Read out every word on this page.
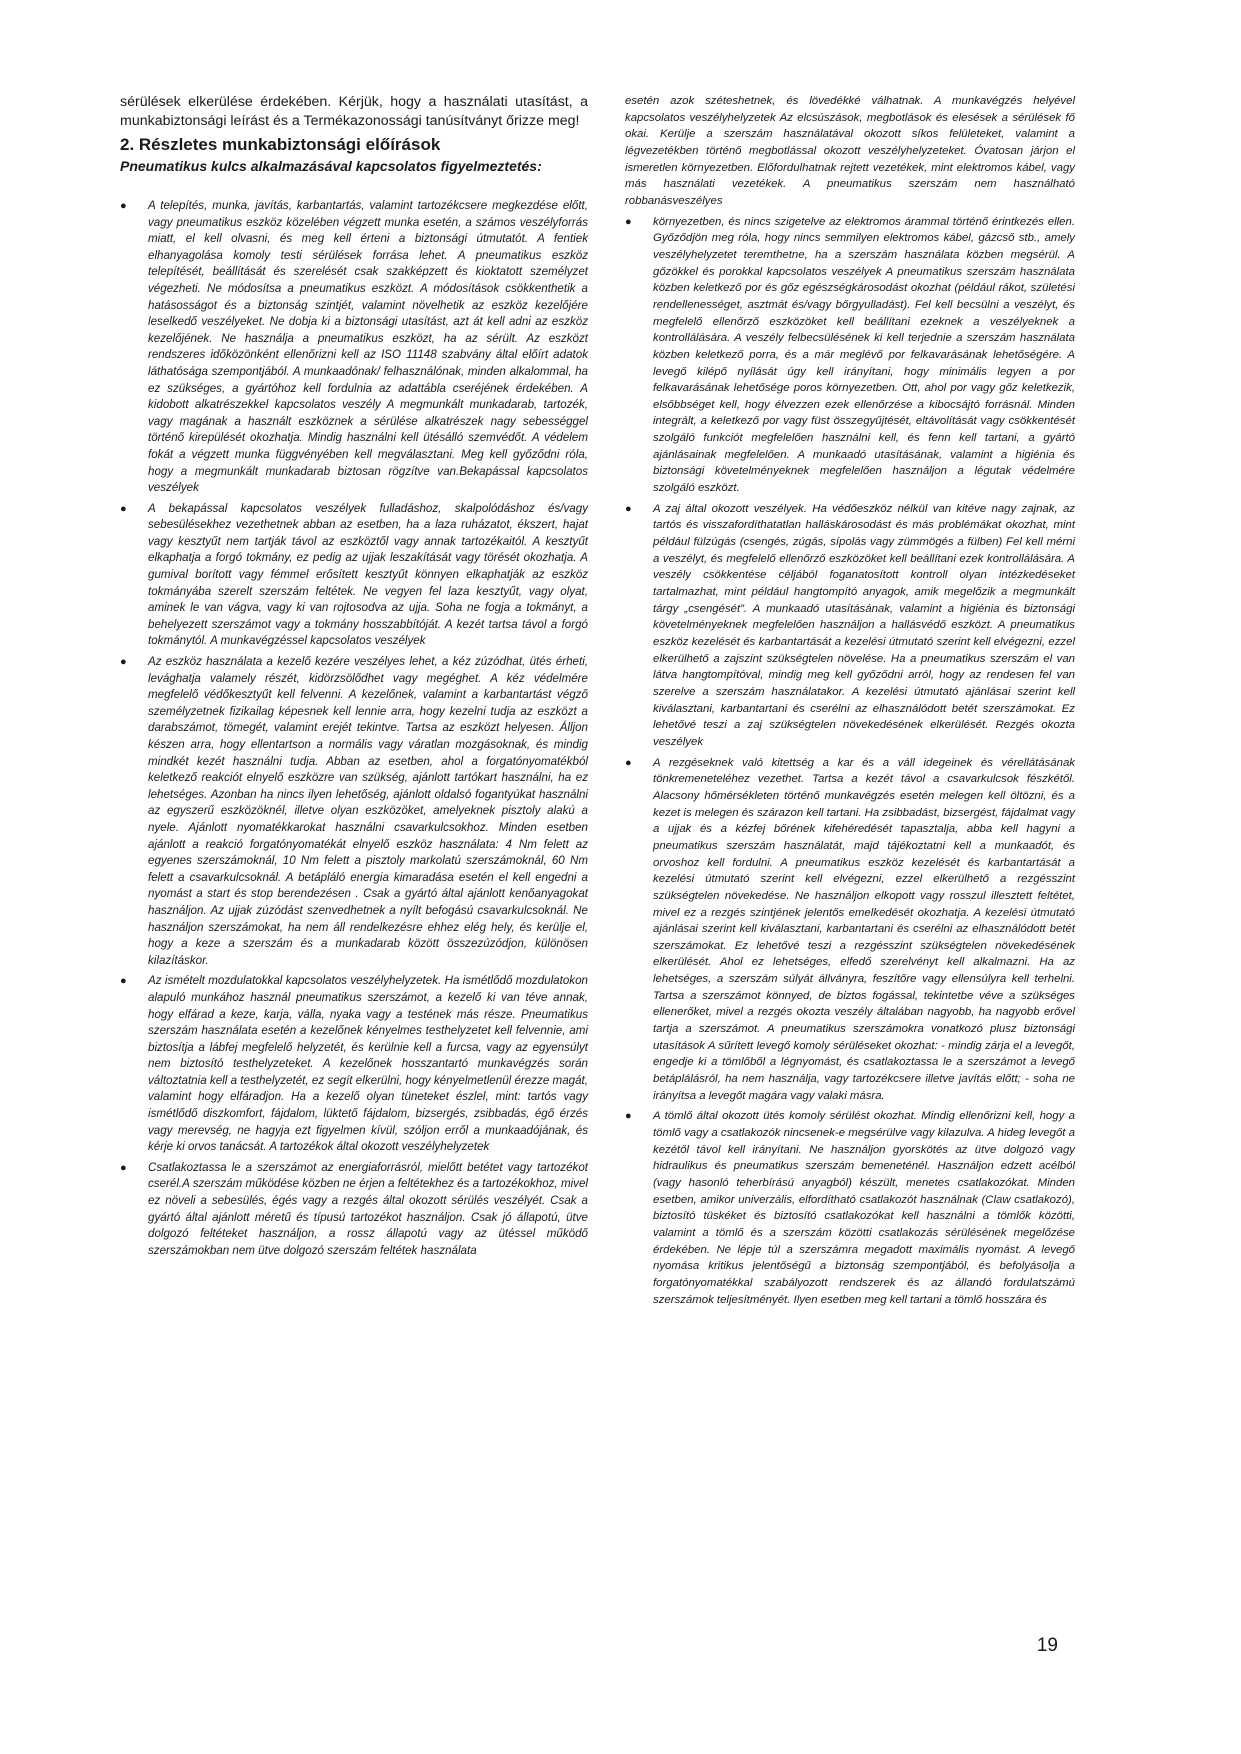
sérülések elkerülése érdekében. Kérjük, hogy a használati utasítást, a munkabiztonsági leírást és a Termékazonossági tanúsítványt őrizze meg!

2. Részletes munkabiztonsági előírások
Pneumatikus kulcs alkalmazásával kapcsolatos figyelmeztetés:
● A telepítés, munka, javítás, karbantartás, valamint tartozékcsere megkezdése előtt, vagy pneumatikus eszköz közelében végzett munka esetén, a számos veszélyforrás miatt, el kell olvasni, és meg kell érteni a biztonsági útmutatót. A fentiek elhanyagolása komoly testi sérülések forrása lehet. A pneumatikus eszköz telepítését, beállítását és szerelését csak szakképzett és kioktatott személyzet végezheti. Ne módosítsa a pneumatikus eszközt. A módosítások csökkenthetik a hatásosságot és a biztonság szintjét, valamint növelhetik az eszköz kezelőjére leselkedő veszélyeket. Ne dobja ki a biztonsági utasítást, azt át kell adni az eszköz kezelőjének. Ne használja a pneumatikus eszközt, ha az sérült. Az eszközt rendszeres időközönként ellenőrizni kell az ISO 11148 szabvány által előírt adatok láthatósága szempontjából. A munkaadónak/ felhasználónak, minden alkalommal, ha ez szükséges, a gyártóhoz kell fordulnia az adattábla cseréjének érdekében. A kidobott alkatrészekkel kapcsolatos veszély A megmunkált munkadarab, tartozék, vagy magának a használt eszköznek a sérülése alkatrészek nagy sebességgel történő kirepülését okozhatja. Mindig használni kell ütésálló szemvédőt. A védelem fokát a végzett munka függvényében kell megválasztani. Meg kell győződni róla, hogy a megmunkált munkadarab biztosan rögzítve van.Bekapással kapcsolatos veszélyek

● A bekapással kapcsolatos veszélyek fulladáshoz, skalpolódáshoz és/vagy sebesülésekhez vezethetnek abban az esetben, ha a laza ruházatot, ékszert, hajat vagy kesztyűt nem tartják távol az eszköztől vagy annak tartozékaitól. A kesztyűt elkaphatja a forgó tokmány, ez pedig az ujjak leszakítását vagy törését okozhatja. A gumival borított vagy fémmel erősített kesztyűt könnyen elkaphatják az eszköz tokmányába szerelt szerszám feltétek. Ne vegyen fel laza kesztyűt, vagy olyat, aminek le van vágva, vagy ki van rojtosodva az ujja. Soha ne fogja a tokmányt, a behelyezett szerszámot vagy a tokmány hosszabbítóját. A kezét tartsa távol a forgó tokmánytól. A munkavégzéssel kapcsolatos veszélyek

● Az eszköz használata a kezelő kezére veszélyes lehet, a kéz zúzódhat, ütés érheti, levághatja valamely részét, kidörzsölődhet vagy megéghet. A kéz védelmére megfelelő védőkesztyűt kell felvenni. A kezelőnek, valamint a karbantartást végző személyzetnek fizikailag képesnek kell lennie arra, hogy kezelni tudja az eszközt a darabszámot, tömegét, valamint erejét tekintve. Tartsa az eszközt helyesen. Álljon készen arra, hogy ellentartson a normális vagy váratlan mozgásoknak, és mindig mindkét kezét használni tudja. Abban az esetben, ahol a forgatónyomatékból keletkező reakciót elnyelő eszközre van szükség, ajánlott tartókart használni, ha ez lehetséges. Azonban ha nincs ilyen lehetőség, ajánlott oldalsó fogantyúkat használni az egyszerű eszközöknél, illetve olyan eszközöket, amelyeknek pisztoly alakú a nyele. Ajánlott nyomatékkarokat használni csavarkulcsokhoz. Minden esetben ajánlott a reakció forgatónyomatékát elnyelő eszköz használata: 4 Nm felett az egyenes szerszámoknál, 10 Nm felett a pisztoly markolatú szerszámoknál, 60 Nm felett a csavarkulcsoknál. A betápláló energia kimaradása esetén el kell engedni a nyomást a start és stop berendezésen . Csak a gyártó által ajánlott kenőanyagokat használjon. Az ujjak zúzódást szenvedhetnek a nyílt befogású csavarkulcsoknál. Ne használjon szerszámokat, ha nem áll rendelkezésre ehhez elég hely, és kerülje el, hogy a keze a szerszám és a munkadarab között összezúzódjon, különösen kilazításkor.

● Az ismételt mozdulatokkal kapcsolatos veszélyhelyzetek. Ha ismétlődő mozdulatokon alapuló munkához használ pneumatikus szerszámot, a kezelő ki van téve annak, hogy elfárad a keze, karja, válla, nyaka vagy a testének más része. Pneumatikus szerszám használata esetén a kezelőnek kényelmes testhelyzetet kell felvennie, ami biztosítja a lábfej megfelelő helyzetét, és kerülnie kell a furcsa, vagy az egyensúlyt nem biztosító testhelyzeteket. A kezelőnek hosszantartó munkavégzés során változtatnia kell a testhelyzetét, ez segít elkerülni, hogy kényelmetlenül érezze magát, valamint hogy elfáradjon. Ha a kezelő olyan tüneteket észlel, mint: tartós vagy ismétlődő diszkomfort, fájdalom, lüktető fájdalom, bizsergés, zsibbadás, égő érzés vagy merevség, ne hagyja ezt figyelmen kívül, szóljon erről a munkaadójának, és kérje ki orvos tanácsát. A tartozékok által okozott veszélyhelyzetek

● Csatlakoztassa le a szerszámot az energiaforrásról, mielőtt betétet vagy tartozékot cserél.A szerszám működése közben ne érjen a feltétekhez és a tartozékokhoz, mivel ez növeli a sebesülés, égés vagy a rezgés által okozott sérülés veszélyét. Csak a gyártó által ajánlott méretű és típusú tartozékot használjon. Csak jó állapotú, ütve dolgozó feltéteket használjon, a rossz állapotú vagy az ütéssel működő szerszámokban nem ütve dolgozó szerszám feltétek használata

esetén azok széteshetnek, és lövedékké válhatnak. A munkavégzés helyével kapcsolatos veszélyhelyzetek Az elcsúszások, megbotlások és elesések a sérülések fő okai. Kerülje a szerszám használatával okozott síkos felületeket, valamint a légvezetékben történő megbotlással okozott veszélyhelyzeteket. Óvatosan járjon el ismeretlen környezetben. Előfordulhatnak rejtett vezetékek, mint elektromos kábel, vagy más használati vezetékek. A pneumatikus szerszám nem használható robbanásveszélyes

● környezetben, és nincs szigetelve az elektromos árammal történő érintkezés ellen. Győződjön meg róla, hogy nincs semmilyen elektromos kábel, gázcső stb., amely veszélyhelyzetet teremthetne, ha a szerszám használata közben megsérül. A gőzökkel és porokkal kapcsolatos veszélyek A pneumatikus szerszám használata közben keletkező por és gőz egészségkárosodást okozhat (például rákot, születési rendellenességet, asztmát és/vagy bőrgyulladást). Fel kell becsülni a veszélyt, és megfelelő ellenőrző eszközöket kell beállítani ezeknek a veszélyeknek a kontrollálására. A veszély felbecsülésének ki kell terjednie a szerszám használata közben keletkező porra, és a már meglévő por felkavarásának lehetőségére. A levegő kilépő nyílását úgy kell irányítani, hogy minimális legyen a por felkavarásának lehetősége poros környezetben. Ott, ahol por vagy gőz keletkezik, elsőbbséget kell, hogy élvezzen ezek ellenőrzése a kibocsájtó forrásnál. Minden integrált, a keletkező por vagy füst összegyűjtését, eltávolítását vagy csökkentését szolgáló funkciót megfelelően használni kell, és fenn kell tartani, a gyártó ajánlásainak megfelelően. A munkaadó utasításának, valamint a higiénia és biztonsági követelményeknek megfelelően használjon a légutak védelmére szolgáló eszközt.

● A zaj által okozott veszélyek. Ha védőeszköz nélkül van kitéve nagy zajnak, az tartós és visszafordíthatatlan halláskárosodást és más problémákat okozhat, mint például fülzúgás (csengés, zúgás, sípolás vagy zümmögés a fülben) Fel kell mérni a veszélyt, és megfelelő ellenőrző eszközöket kell beállítani ezek kontrollálására. A veszély csökkentése céljából foganatosított kontroll olyan intézkedéseket tartalmazhat, mint például hangtompító anyagok, amik megelőzik a megmunkált tárgy „csengését”. A munkaadó utasításának, valamint a higiénia és biztonsági követelményeknek megfelelően használjon a hallásvédő eszközt. A pneumatikus eszköz kezelését és karbantartását a kezelési útmutató szerint kell elvégezni, ezzel elkerülhető a zajszint szükségtelen növelése. Ha a pneumatikus szerszám el van látva hangtompítóval, mindig meg kell győződni arról, hogy az rendesen fel van szerelve a szerszám használatakor. A kezelési útmutató ajánlásai szerint kell kiválasztani, karbantartani és cserélni az elhasználódott betét szerszámokat. Ez lehetővé teszi a zaj szükségtelen növekedésének elkerülését. Rezgés okozta veszélyek

● A rezgéseknek való kitettség a kar és a váll idegeinek és vérellátásának tönkremeneteléhez vezethet. Tartsa a kezét távol a csavarkulcsok fészkétől. Alacsony hőmérsékleten történő munkavégzés esetén melegen kell öltözni, és a kezet is melegen és szárazon kell tartani. Ha zsibbadást, bizsergést, fájdalmat vagy a ujjak és a kézfej bőrének kifehéredését tapasztalja, abba kell hagyni a pneumatikus szerszám használatát, majd tájékoztatni kell a munkaadót, és orvoshoz kell fordulni. A pneumatikus eszköz kezelését és karbantartását a kezelési útmutató szerint kell elvégezni, ezzel elkerülhető a rezgésszint szükségtelen növekedése. Ne használjon elkopott vagy rosszul illesztett feltétet, mivel ez a rezgés szintjének jelentős emelkedését okozhatja. A kezelési útmutató ajánlásai szerint kell kiválasztani, karbantartani és cserélni az elhasználódott betét szerszámokat. Ez lehetővé teszi a rezgésszint szükségtelen növekedésének elkerülését. Ahol ez lehetséges, elfedő szerelvényt kell alkalmazni. Ha az lehetséges, a szerszám súlyát állványra, feszítőre vagy ellensúlyra kell terhelni. Tartsa a szerszámot könnyed, de biztos fogással, tekintetbe véve a szükséges ellenerőket, mivel a rezgés okozta veszély általában nagyobb, ha nagyobb erővel tartja a szerszámot. A pneumatikus szerszámokra vonatkozó plusz biztonsági utasítások A sűrített levegő komoly sérüléseket okozhat: - mindig zárja el a levegőt, engedje ki a tömlőből a légnyomást, és csatlakoztassa le a szerszámot a levegő betáplálásról, ha nem használja, vagy tartozékcsere illetve javítás előtt; - soha ne irányítsa a levegőt magára vagy valaki másra.

● A tömlő által okozott ütés komoly sérülést okozhat. Mindig ellenőrizni kell, hogy a tömlő vagy a csatlakozók nincsenek-e megsérülve vagy kilazulva. A hideg levegőt a kezétől távol kell irányítani. Ne használjon gyorskötés az ütve dolgozó vagy hidraulikus és pneumatikus szerszám bemeneténél. Használjon edzett acélból (vagy hasonló teherbírású anyagból) készült, menetes csatlakozókat. Minden esetben, amikor univerzális, elfordítható csatlakozót használnak (Claw csatlakozó), biztosító tüskéket és biztosító csatlakozókat kell használni a tömlők közötti, valamint a tömlő és a szerszám közötti csatlakozás sérülésének megelőzése érdekében. Ne lépje túl a szerszámra megadott maximális nyomást. A levegő nyomása kritikus jelentőségű a biztonság szempontjából, és befolyásolja a forgatónyomatékkal szabályozott rendszerek és az állandó fordulatszámú szerszámok teljesítményét. Ilyen esetben meg kell tartani a tömlő hosszára és

19
